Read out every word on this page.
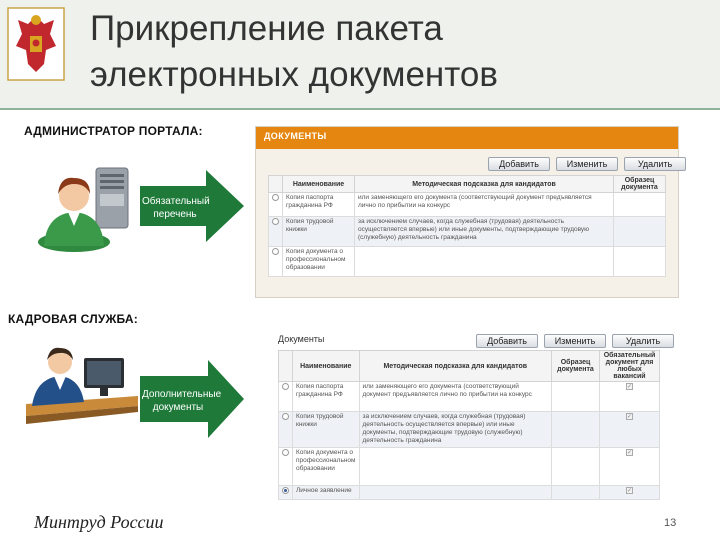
Прикрепление пакета
электронных документов
АДМИНИСТРАТОР ПОРТАЛА:
Обязательный
перечень
ДОКУМЕНТЫ
Добавить	Изменить	Удалить
	Наименование	Методическая подсказка для кандидатов	Образец документа
	Копия паспорта гражданина РФ	или заменяющего его документа (соответствующий документ предъявляется лично по прибытии на конкурс	
	Копия трудовой книжки	за исключением случаев, когда служебная (трудовая) деятельность осуществляется впервые) или иные документы, подтверждающие трудовую (служебную) деятельность гражданина	
	Копия документа о профессиональном образовании		
КАДРОВАЯ СЛУЖБА:
Дополнительные
документы
Документы	Добавить	Изменить	Удалить
	Наименование	Методическая подсказка для кандидатов	Образец документа	Обязательный документ для любых вакансий
	Копия паспорта гражданина РФ	или заменяющего его документа (соответствующий документ предъявляется лично по прибытии на конкурс		✓
	Копия трудовой книжки	за исключением случаев, когда служебная (трудовая) деятельность осуществляется впервые) или иные документы, подтверждающие трудовую (служебную) деятельность гражданина		✓
	Копия документа о профессиональном образовании			✓
	Личное заявление			✓
Минтруд России	13
